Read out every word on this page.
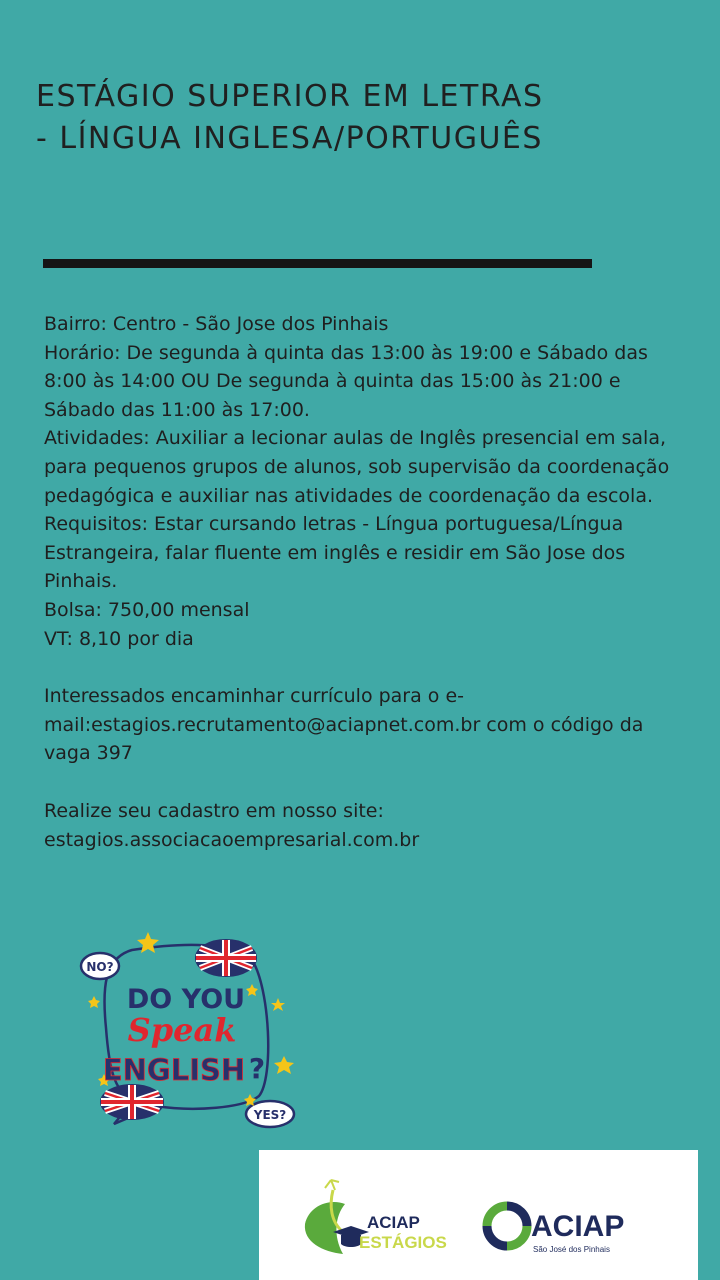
ESTÁGIO SUPERIOR EM LETRAS
- LÍNGUA INGLESA/PORTUGUÊS

Bairro: Centro - São Jose dos Pinhais

Horário: De segunda à quinta das 13:00 às 19:00 e Sábado das 8:00 às 14:00 OU De segunda à quinta das 15:00 às 21:00 e Sábado das 11:00 às 17:00.

Atividades: Auxiliar a lecionar aulas de Inglês presencial em sala, para pequenos grupos de alunos, sob supervisão da coordenação pedagógica e auxiliar nas atividades de coordenação da escola.

Requisitos: Estar cursando letras - Língua portuguesa/Língua Estrangeira, falar fluente em inglês e residir em São Jose dos Pinhais.

Bolsa: 750,00 mensal

VT: 8,10 por dia

Interessados encaminhar currículo para o e-mail:estagios.recrutamento@aciapnet.com.br com o código da vaga 397

Realize seu cadastro em nosso site:

estagios.associacaoempresarial.com.br

NO?
YES?
DO YOU
Speak
ENGLISH ?
ACIAP
ESTÁGIOS	ACIAP
São José dos Pinhais
